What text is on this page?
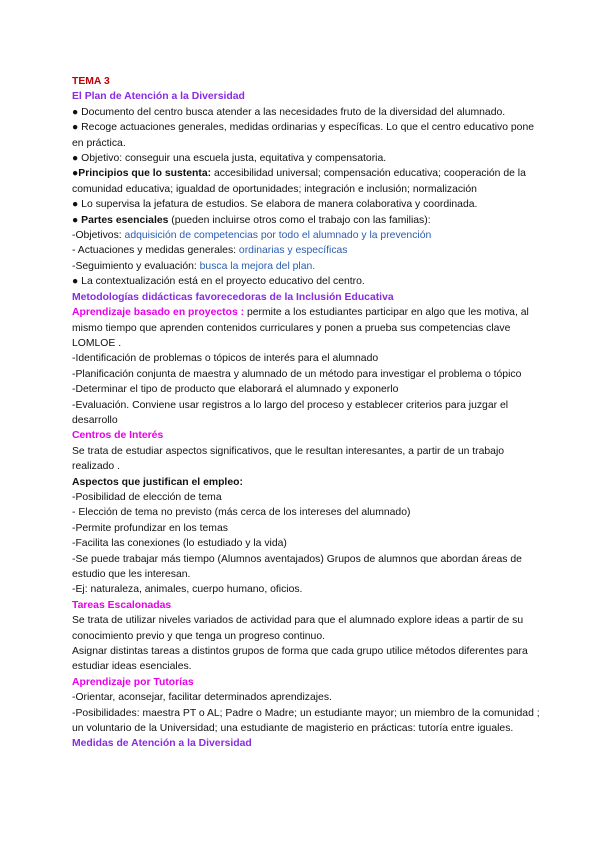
TEMA 3
El Plan de Atención a la Diversidad
● Documento del centro busca atender a las necesidades fruto de la diversidad del alumnado.
● Recoge actuaciones generales, medidas ordinarias y específicas. Lo que el centro educativo pone en práctica.
● Objetivo: conseguir una escuela justa, equitativa y compensatoria.
●Principios que lo sustenta: accesibilidad universal; compensación educativa; cooperación de la comunidad educativa; igualdad de oportunidades; integración e inclusión; normalización
● Lo supervisa la jefatura de estudios. Se elabora de manera colaborativa y coordinada.
● Partes esenciales (pueden incluirse otros como el trabajo con las familias):
-Objetivos: adquisición de competencias por todo el alumnado y la prevención
- Actuaciones y medidas generales: ordinarias y específicas
-Seguimiento y evaluación: busca la mejora del plan.
● La contextualización está en el proyecto educativo del centro.
Metodologías didácticas favorecedoras de la Inclusión Educativa
Aprendizaje basado en proyectos : permite a los estudiantes participar en algo que les motiva, al mismo tiempo que aprenden contenidos curriculares y ponen a prueba sus competencias clave LOMLOE .
-Identificación de problemas o tópicos de interés para el alumnado
-Planificación conjunta de maestra y alumnado de un método para investigar el problema o tópico
-Determinar el tipo de producto que elaborará el alumnado y exponerlo
-Evaluación. Conviene usar registros a lo largo del proceso y establecer criterios para juzgar el desarrollo
Centros de Interés
Se trata de estudiar aspectos significativos, que le resultan interesantes, a partir de un trabajo realizado .
Aspectos que justifican el empleo:
-Posibilidad de elección de tema
- Elección de tema no previsto (más cerca de los intereses del alumnado)
-Permite profundizar en los temas
-Facilita las conexiones (lo estudiado y la vida)
-Se puede trabajar más tiempo (Alumnos aventajados) Grupos de alumnos que abordan áreas de estudio que les interesan.
-Ej: naturaleza, animales, cuerpo humano, oficios.
Tareas Escalonadas
Se trata de utilizar niveles variados de actividad para que el alumnado explore ideas a partir de su conocimiento previo y que tenga un progreso continuo.
Asignar distintas tareas a distintos grupos de forma que cada grupo utilice métodos diferentes para estudiar ideas esenciales.
Aprendizaje por Tutorías
-Orientar, aconsejar, facilitar determinados aprendizajes.
-Posibilidades: maestra PT o AL; Padre o Madre; un estudiante mayor; un miembro de la comunidad ; un voluntario de la Universidad; una estudiante de magisterio en prácticas: tutoría entre iguales.
Medidas de Atención a la Diversidad
